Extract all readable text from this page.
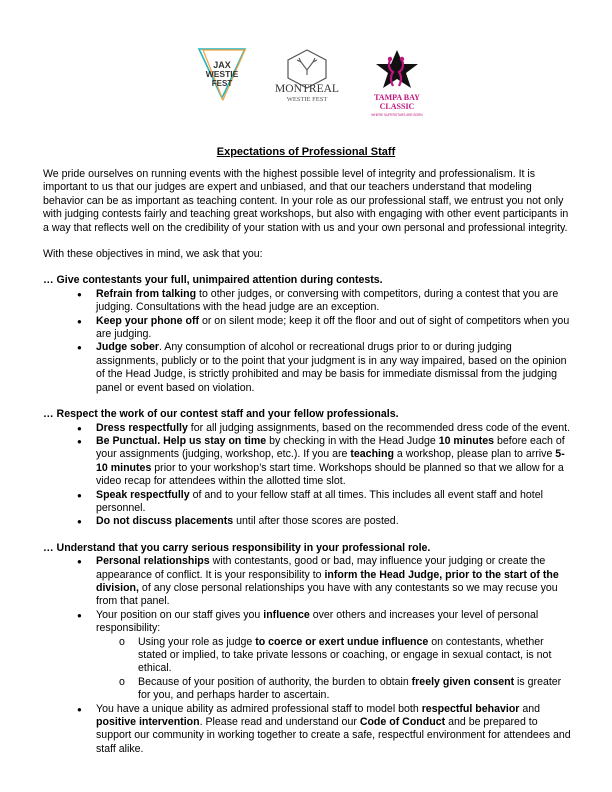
JAX
WESTIE
FEST	MONTREAL
WESTIE FEST	TAMPA BAY
CLASSIC
WHERE SUPERSTARS ARE BORN
Expectations of Professional Staff

We pride ourselves on running events with the highest possible level of integrity and professionalism. It is important to us that our judges are expert and unbiased, and that our teachers understand that modeling behavior can be as important as teaching content. In your role as our professional staff, we entrust you not only with judging contests fairly and teaching great workshops, but also with engaging with other event participants in a way that reflects well on the credibility of your station with us and your own personal and professional integrity.

With these objectives in mind, we ask that you:

… Give contestants your full, unimpaired attention during contests.

● Refrain from talking to other judges, or conversing with competitors, during a contest that you are judging. Consultations with the head judge are an exception.
● Keep your phone off or on silent mode; keep it off the floor and out of sight of competitors when you are judging.
● Judge sober. Any consumption of alcohol or recreational drugs prior to or during judging assignments, publicly or to the point that your judgment is in any way impaired, based on the opinion of the Head Judge, is strictly prohibited and may be basis for immediate dismissal from the judging panel or event based on violation.

… Respect the work of our contest staff and your fellow professionals.

● Dress respectfully for all judging assignments, based on the recommended dress code of the event.
● Be Punctual. Help us stay on time by checking in with the Head Judge 10 minutes before each of your assignments (judging, workshop, etc.). If you are teaching a workshop, please plan to arrive 5-10 minutes prior to your workshop’s start time. Workshops should be planned so that we allow for a video recap for attendees within the allotted time slot.
● Speak respectfully of and to your fellow staff at all times. This includes all event staff and hotel personnel.
● Do not discuss placements until after those scores are posted.

… Understand that you carry serious responsibility in your professional role.

● Personal relationships with contestants, good or bad, may influence your judging or create the appearance of conflict. It is your responsibility to inform the Head Judge, prior to the start of the division, of any close personal relationships you have with any contestants so we may recuse you from that panel.
● Your position on our staff gives you influence over others and increases your level of personal responsibility:
o Using your role as judge to coerce or exert undue influence on contestants, whether stated or implied, to take private lessons or coaching, or engage in sexual contact, is not ethical.
o Because of your position of authority, the burden to obtain freely given consent is greater for you, and perhaps harder to ascertain.
● You have a unique ability as admired professional staff to model both respectful behavior and positive intervention. Please read and understand our Code of Conduct and be prepared to support our community in working together to create a safe, respectful environment for attendees and staff alike.
